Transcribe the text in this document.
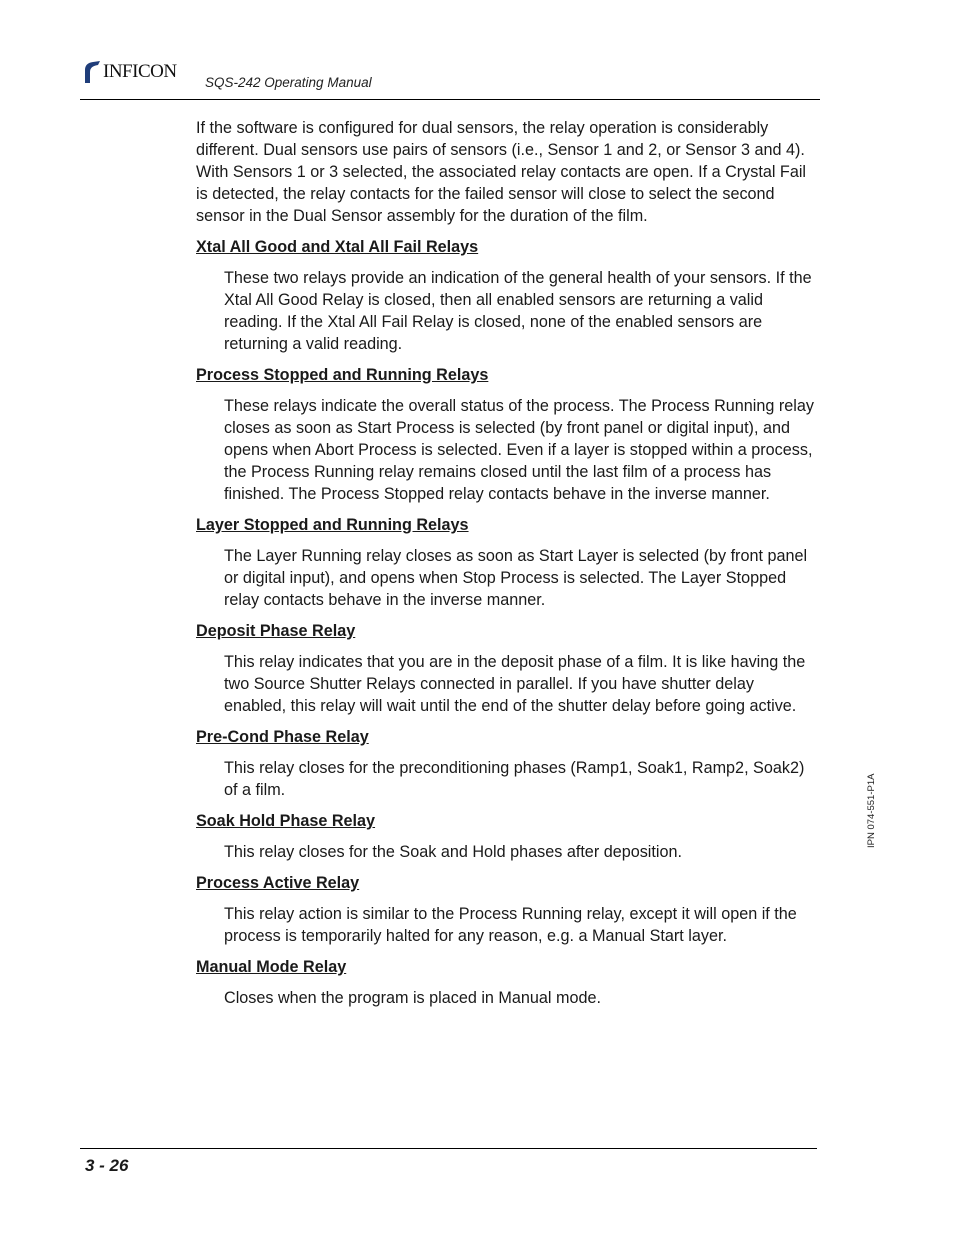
INFICON
SQS-242 Operating Manual

If the software is configured for dual sensors, the relay operation is considerably different. Dual sensors use pairs of sensors (i.e., Sensor 1 and 2, or Sensor 3 and 4). With Sensors 1 or 3 selected, the associated relay contacts are open. If a Crystal Fail is detected, the relay contacts for the failed sensor will close to select the second sensor in the Dual Sensor assembly for the duration of the film.

Xtal All Good and Xtal All Fail Relays

These two relays provide an indication of the general health of your sensors. If the Xtal All Good Relay is closed, then all enabled sensors are returning a valid reading. If the Xtal All Fail Relay is closed, none of the enabled sensors are returning a valid reading.

Process Stopped and Running Relays

These relays indicate the overall status of the process. The Process Running relay closes as soon as Start Process is selected (by front panel or digital input), and opens when Abort Process is selected. Even if a layer is stopped within a process, the Process Running relay remains closed until the last film of a process has finished. The Process Stopped relay contacts behave in the inverse manner.

Layer Stopped and Running Relays

The Layer Running relay closes as soon as Start Layer is selected (by front panel or digital input), and opens when Stop Process is selected. The Layer Stopped relay contacts behave in the inverse manner.

Deposit Phase Relay

This relay indicates that you are in the deposit phase of a film. It is like having the two Source Shutter Relays connected in parallel. If you have shutter delay enabled, this relay will wait until the end of the shutter delay before going active.

Pre-Cond Phase Relay

This relay closes for the preconditioning phases (Ramp1, Soak1, Ramp2, Soak2) of a film.

Soak Hold Phase Relay

This relay closes for the Soak and Hold phases after deposition.

Process Active Relay

This relay action is similar to the Process Running relay, except it will open if the process is temporarily halted for any reason, e.g. a Manual Start layer.

Manual Mode Relay

Closes when the program is placed in Manual mode.

IPN 074-551-P1A
3 - 26
